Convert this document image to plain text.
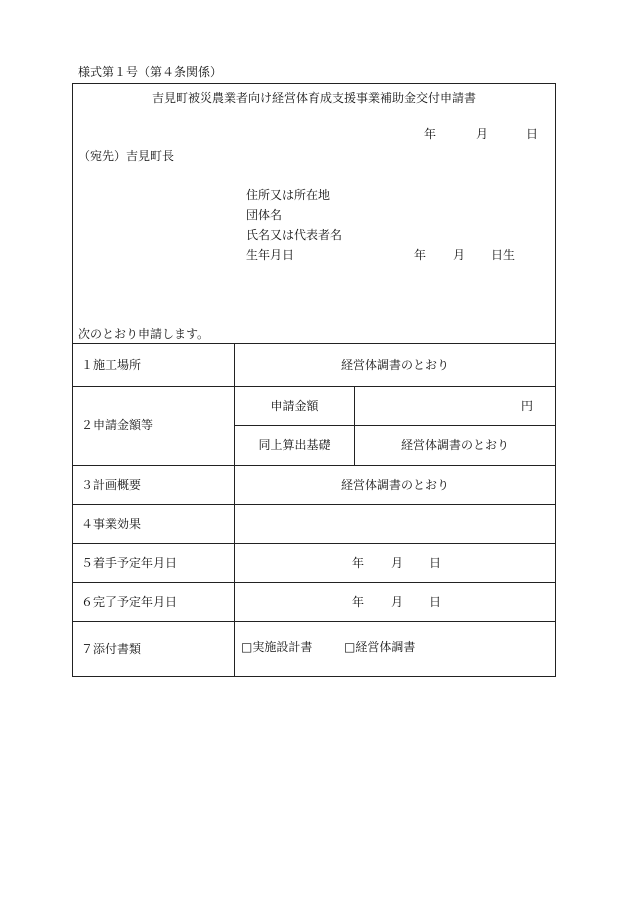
様式第１号（第４条関係）
吉見町被災農業者向け経営体育成支援事業補助金交付申請書
年	月	日
（宛先）吉見町長
住所又は所在地
団体名
氏名又は代表者名
生年月日	年 月 日生
次のとおり申請します。
１施工場所	経営体調書のとおり
２申請金額等
申請金額	円
同上算出基礎	経営体調書のとおり
３計画概要	経営体調書のとおり
４事業効果
５着手予定年月日	年 月 日
６完了予定年月日	年 月 日
７添付書類	□実施設計書	□経営体調書
